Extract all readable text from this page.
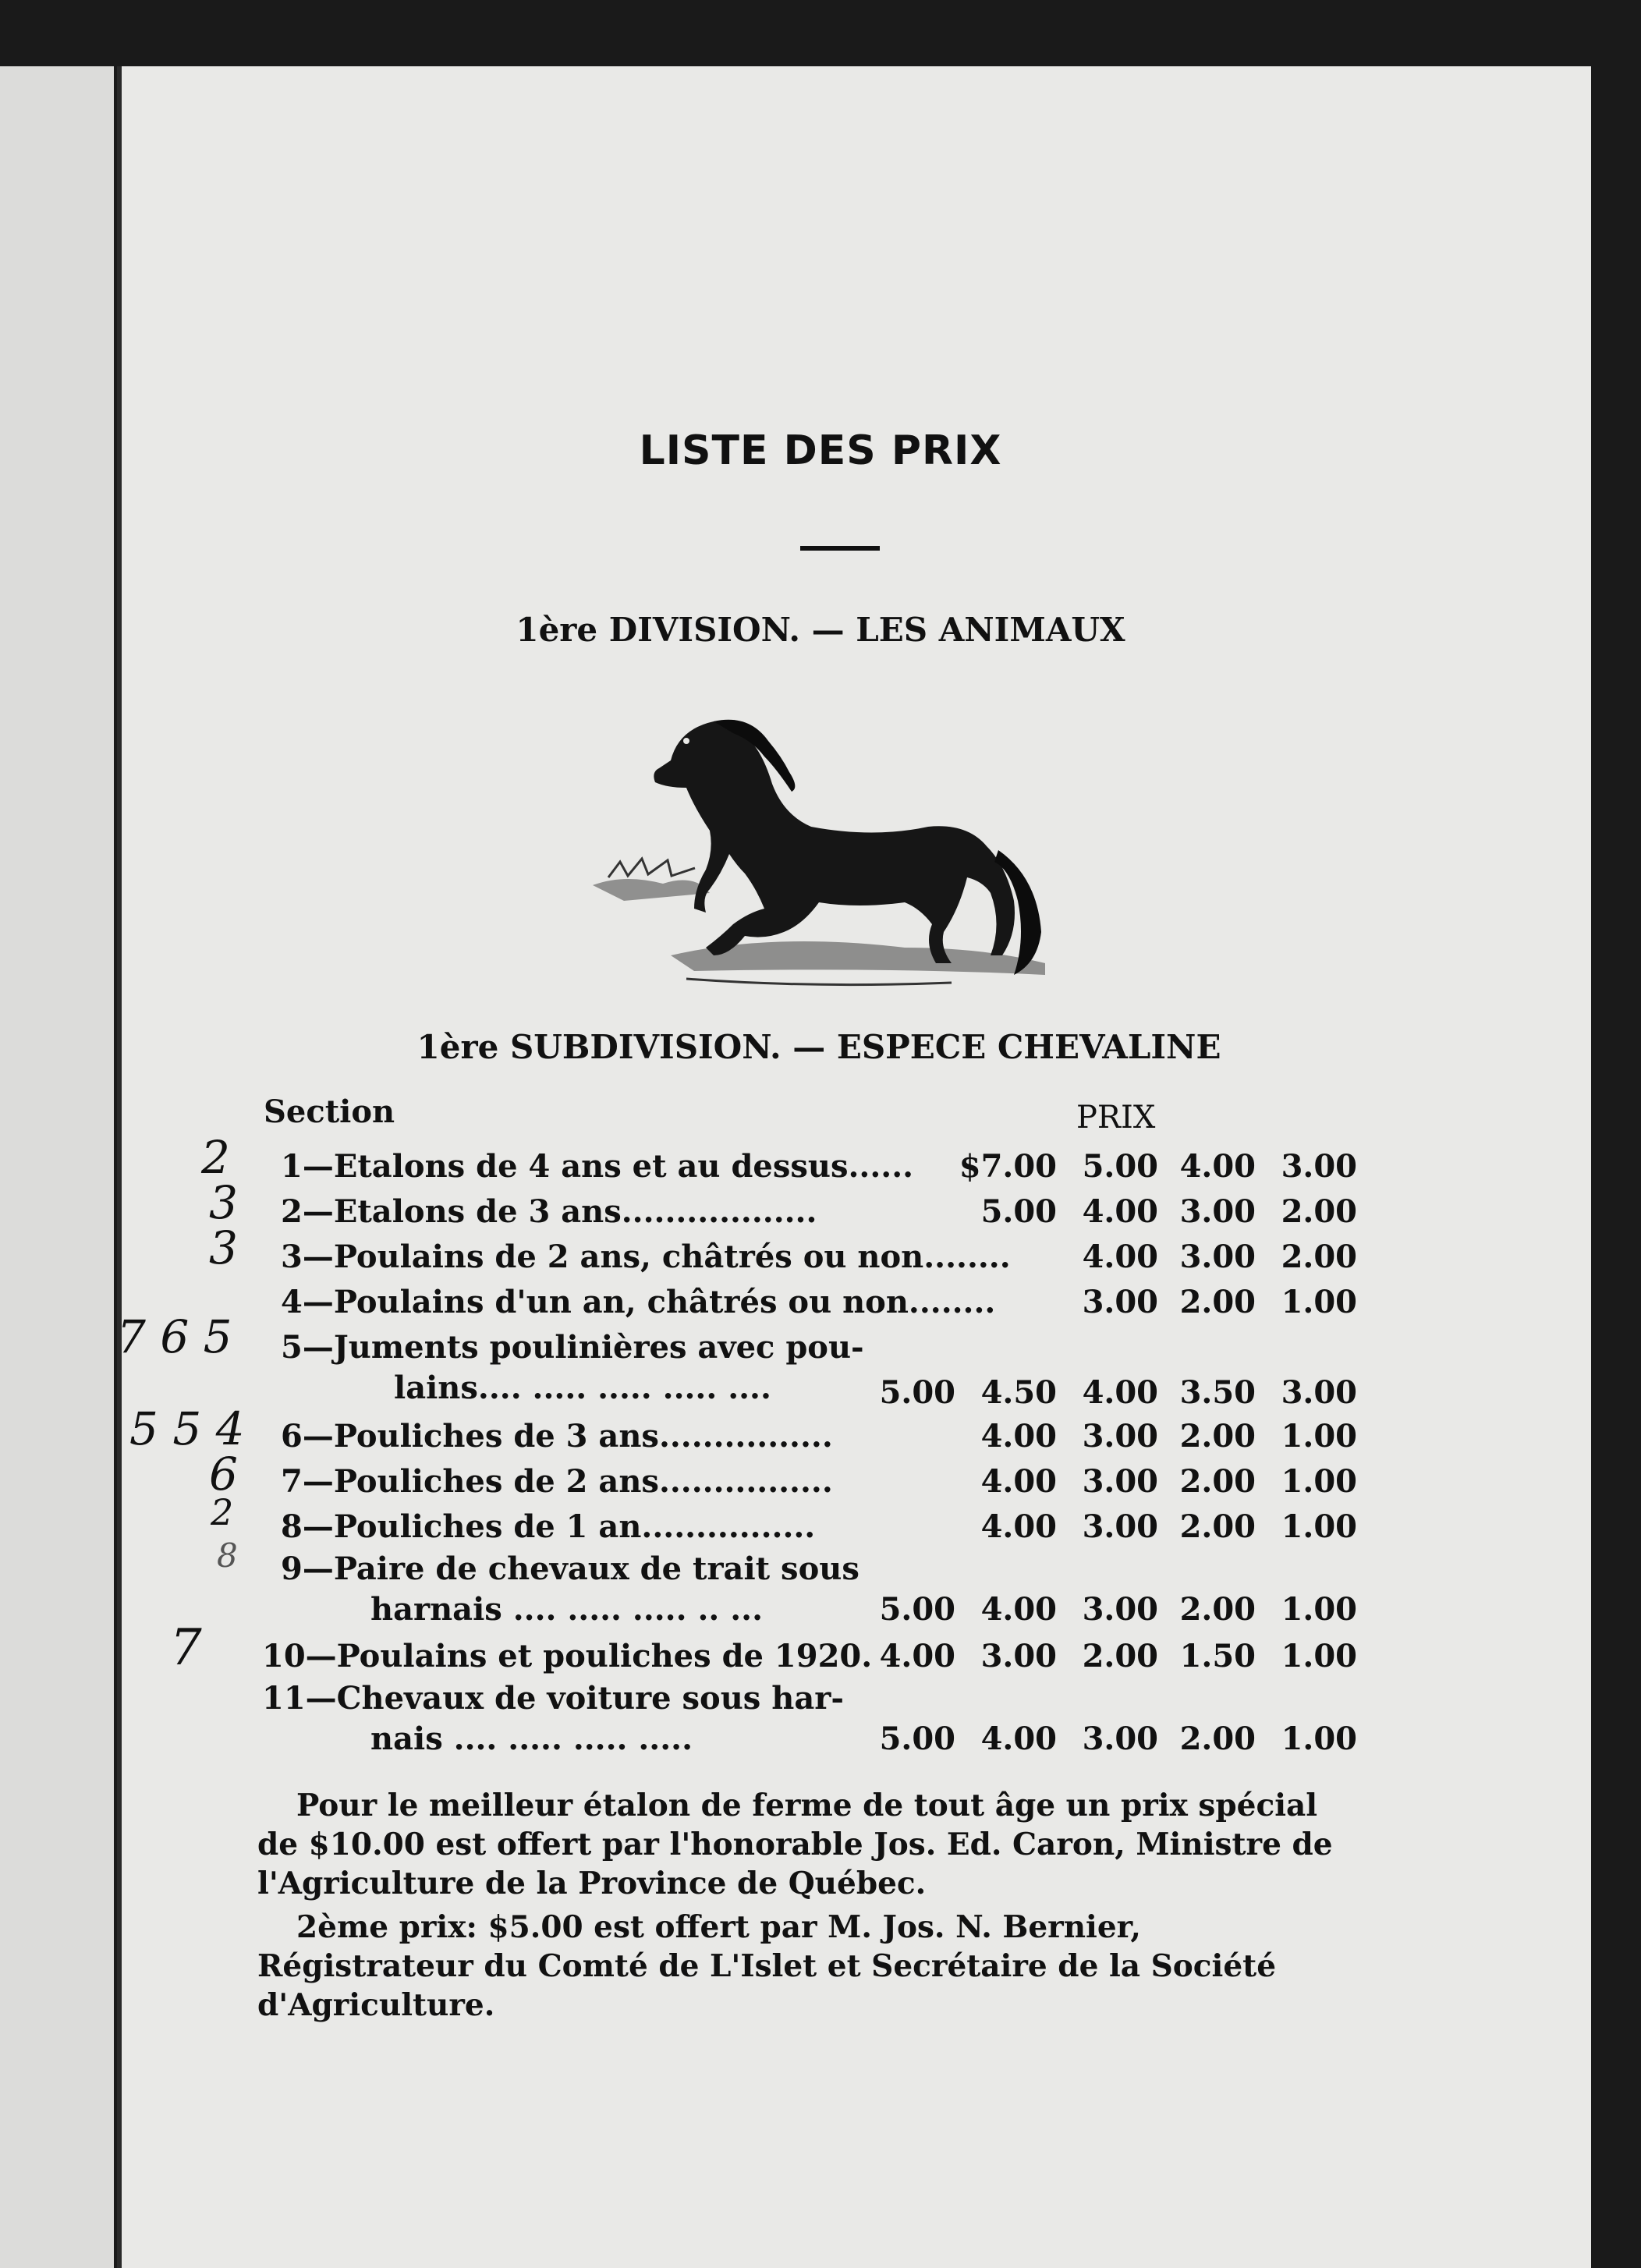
LISTE DES PRIX
1ère DIVISION. — LES ANIMAUX
1ère SUBDIVISION. — ESPECE CHEVALINE
Section	PRIX
2 1—Etalons de 4 ans et au dessus......	$7.00 5.00 4.00 3.00
3 2—Etalons de 3 ans..................	5.00 4.00 3.00 2.00
3 3—Poulains de 2 ans, châtrés ou non........	4.00 3.00 2.00
4—Poulains d'un an, châtrés ou non........	3.00 2.00 1.00
7 6 5 5—Juments poulinières avec pou-
lains.... ..... ..... ..... ....	5.00 4.50 4.00 3.50 3.00
5 5 4 6—Pouliches de 3 ans................	4.00 3.00 2.00 1.00
6 7—Pouliches de 2 ans................	4.00 3.00 2.00 1.00
2 8—Pouliches de 1 an................	4.00 3.00 2.00 1.00
8 9—Paire de chevaux de trait sous
harnais .... ..... ..... .. ...	5.00 4.00 3.00 2.00 1.00
7 10—Poulains et pouliches de 1920. 4.00 3.00 2.00 1.50 1.00
11—Chevaux de voiture sous har-
nais .... ..... ..... .....	5.00 4.00 3.00 2.00 1.00
Pour le meilleur étalon de ferme de tout âge un prix spécial de $10.00 est offert par l'honorable Jos. Ed. Caron, Ministre de l'Agriculture de la Province de Québec.
2ème prix: $5.00 est offert par M. Jos. N. Bernier, Régistrateur du Comté de L'Islet et Secrétaire de la Société d'Agriculture.
